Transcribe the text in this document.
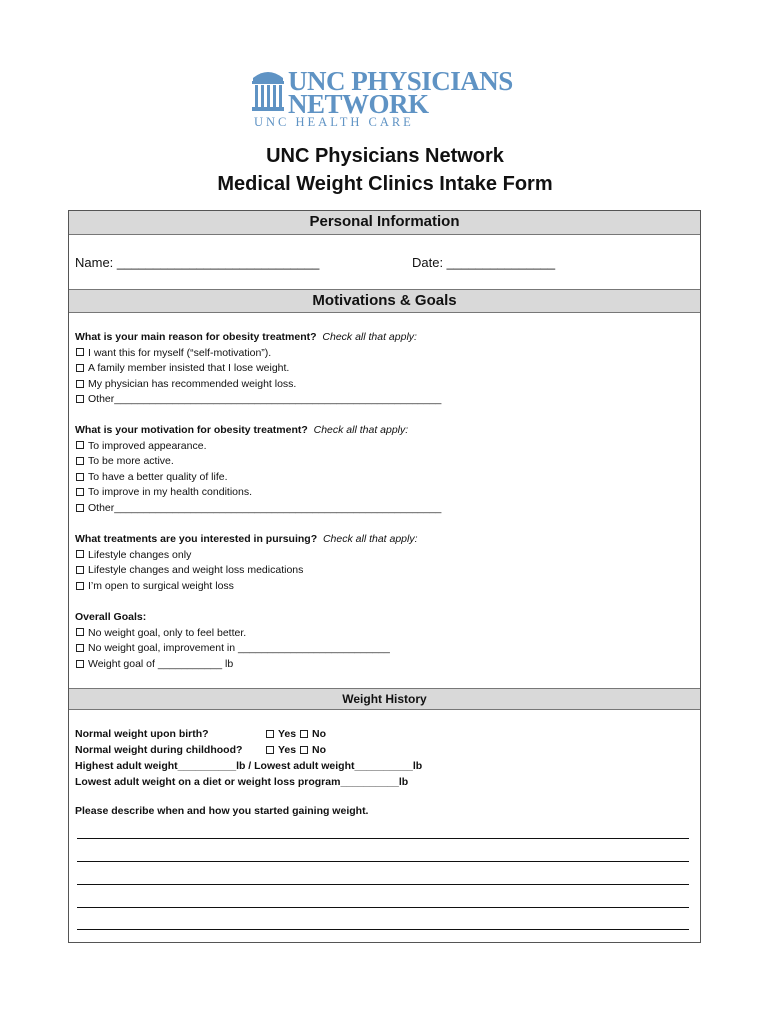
UNC PHYSICIANS
NETWORK
UNC HEALTH CARE
UNC Physicians Network
Medical Weight Clinics Intake Form
Personal Information
Name: ____________________________	Date: _______________
Motivations & Goals
What is your main reason for obesity treatment? Check all that apply:
I want this for myself (“self-motivation”).
A family member insisted that I lose weight.
My physician has recommended weight loss.
Other________________________________________________________
What is your motivation for obesity treatment? Check all that apply:
To improved appearance.
To be more active.
To have a better quality of life.
To improve in my health conditions.
Other________________________________________________________
What treatments are you interested in pursuing? Check all that apply:
Lifestyle changes only
Lifestyle changes and weight loss medications
I’m open to surgical weight loss
Overall Goals:
No weight goal, only to feel better.
No weight goal, improvement in __________________________
Weight goal of ___________ lb
Weight History
Normal weight upon birth?	Yes No
Normal weight during childhood?	Yes No
Highest adult weight__________lb / Lowest adult weight__________lb
Lowest adult weight on a diet or weight loss program__________lb
Please describe when and how you started gaining weight.
